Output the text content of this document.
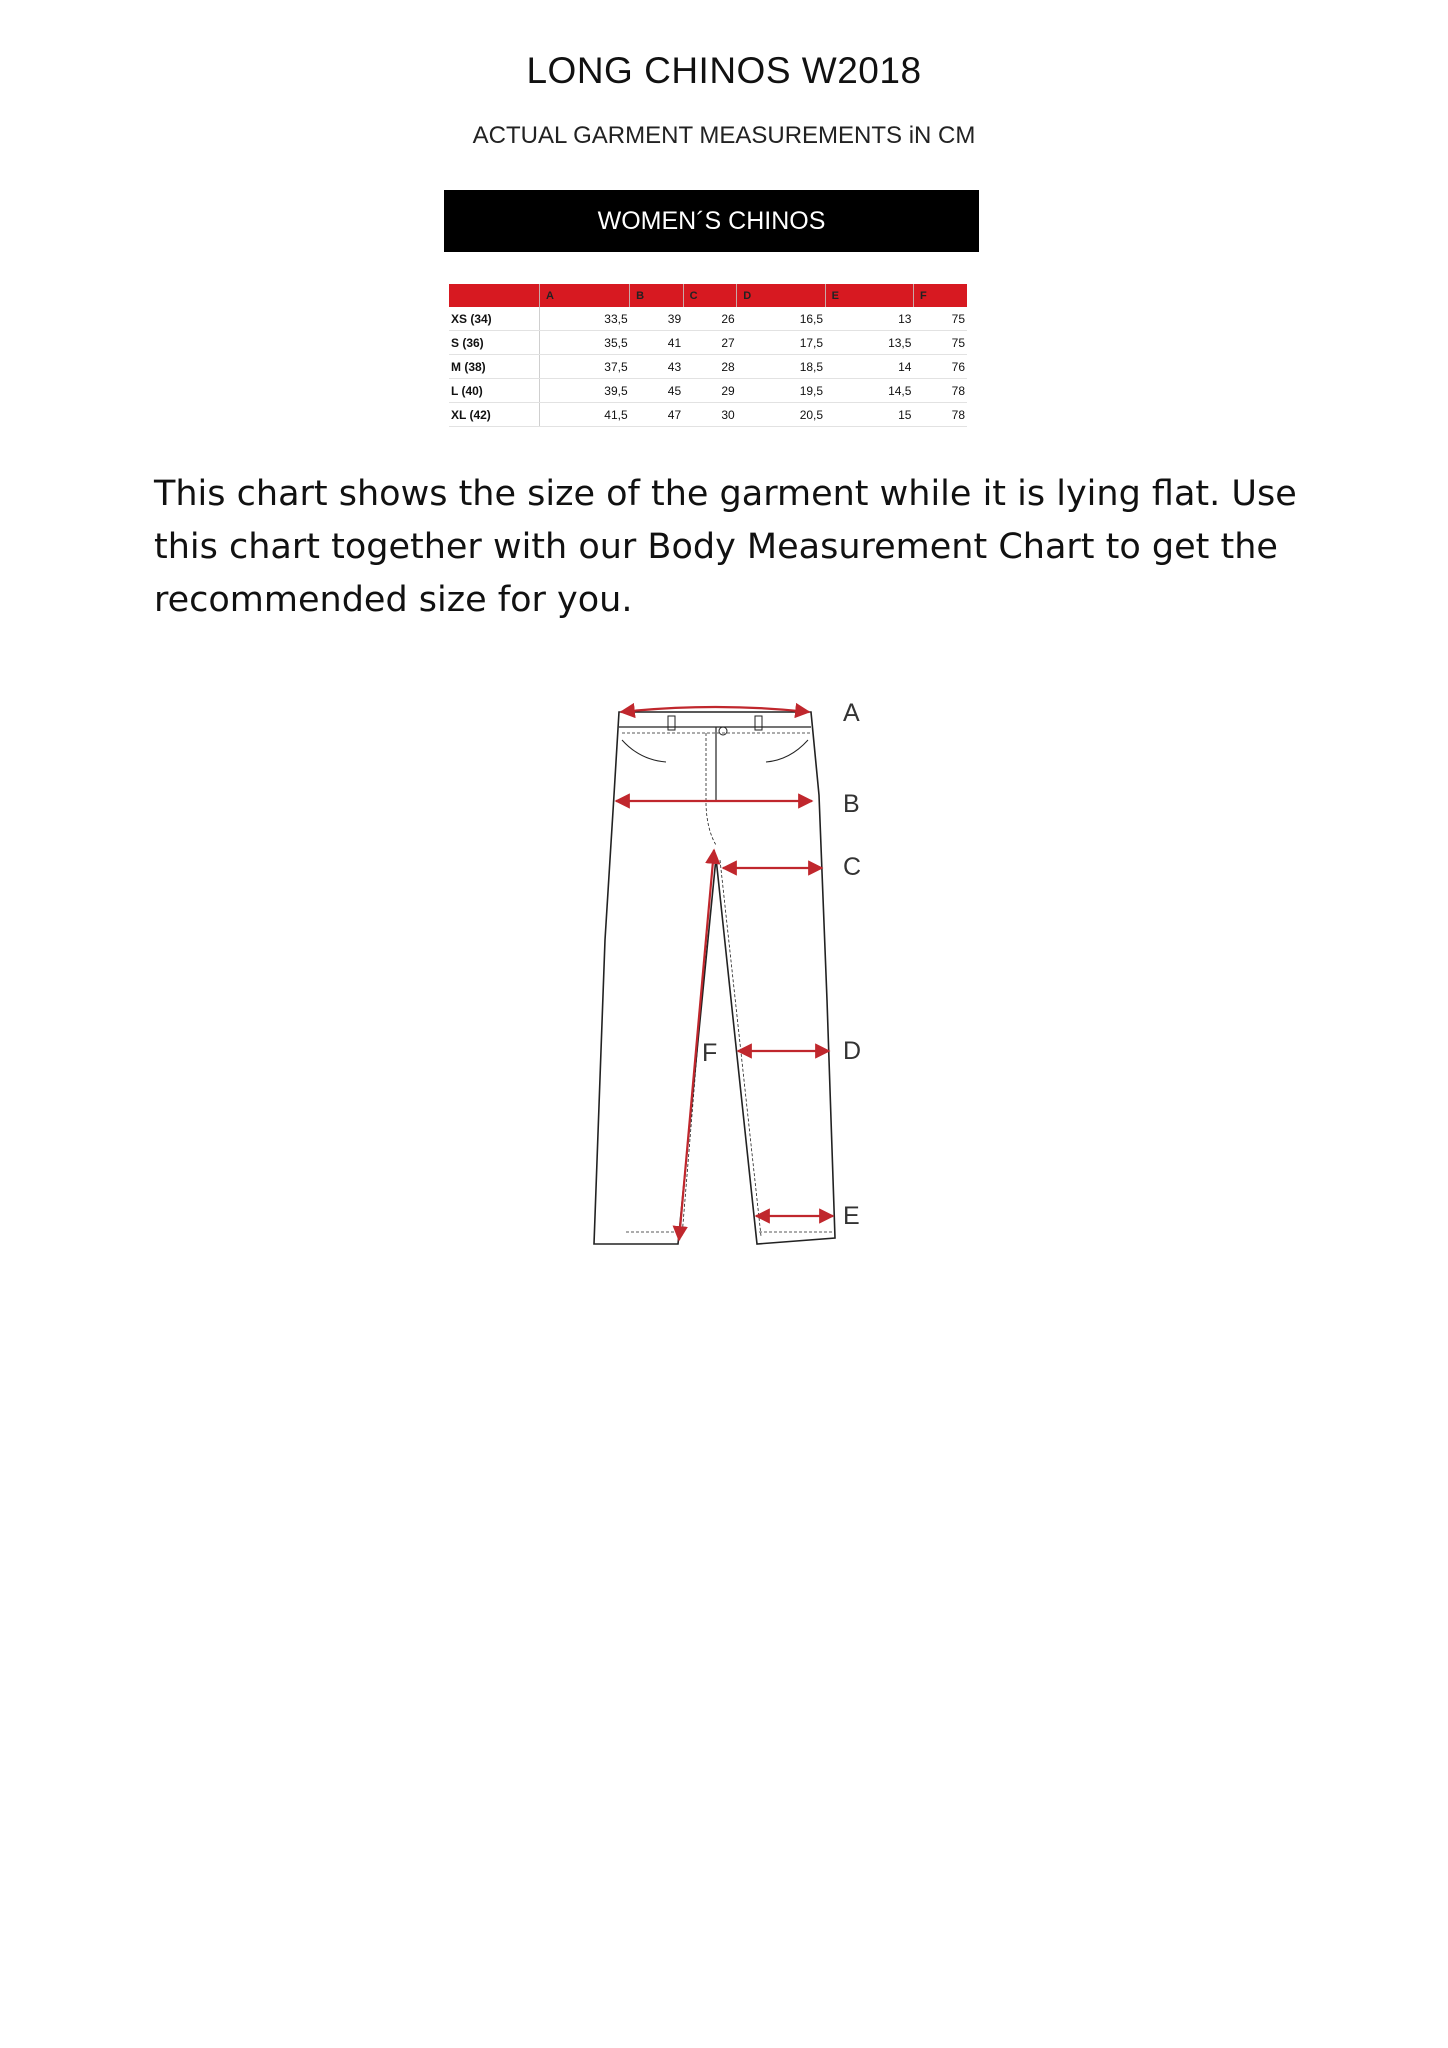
LONG CHINOS W2018

ACTUAL GARMENT MEASUREMENTS iN CM

WOMEN´S CHINOS
	A	B	C	D	E	F
XS (34)	33,5	39	26	16,5	13	75
S (36)	35,5	41	27	17,5	13,5	75
M (38)	37,5	43	28	18,5	14	76
L (40)	39,5	45	29	19,5	14,5	78
XL (42)	41,5	47	30	20,5	15	78

This chart shows the size of the garment while it is lying flat. Use this chart together with our Body Measurement Chart to get the recommended size for you.

A
B
C
D
E
F
